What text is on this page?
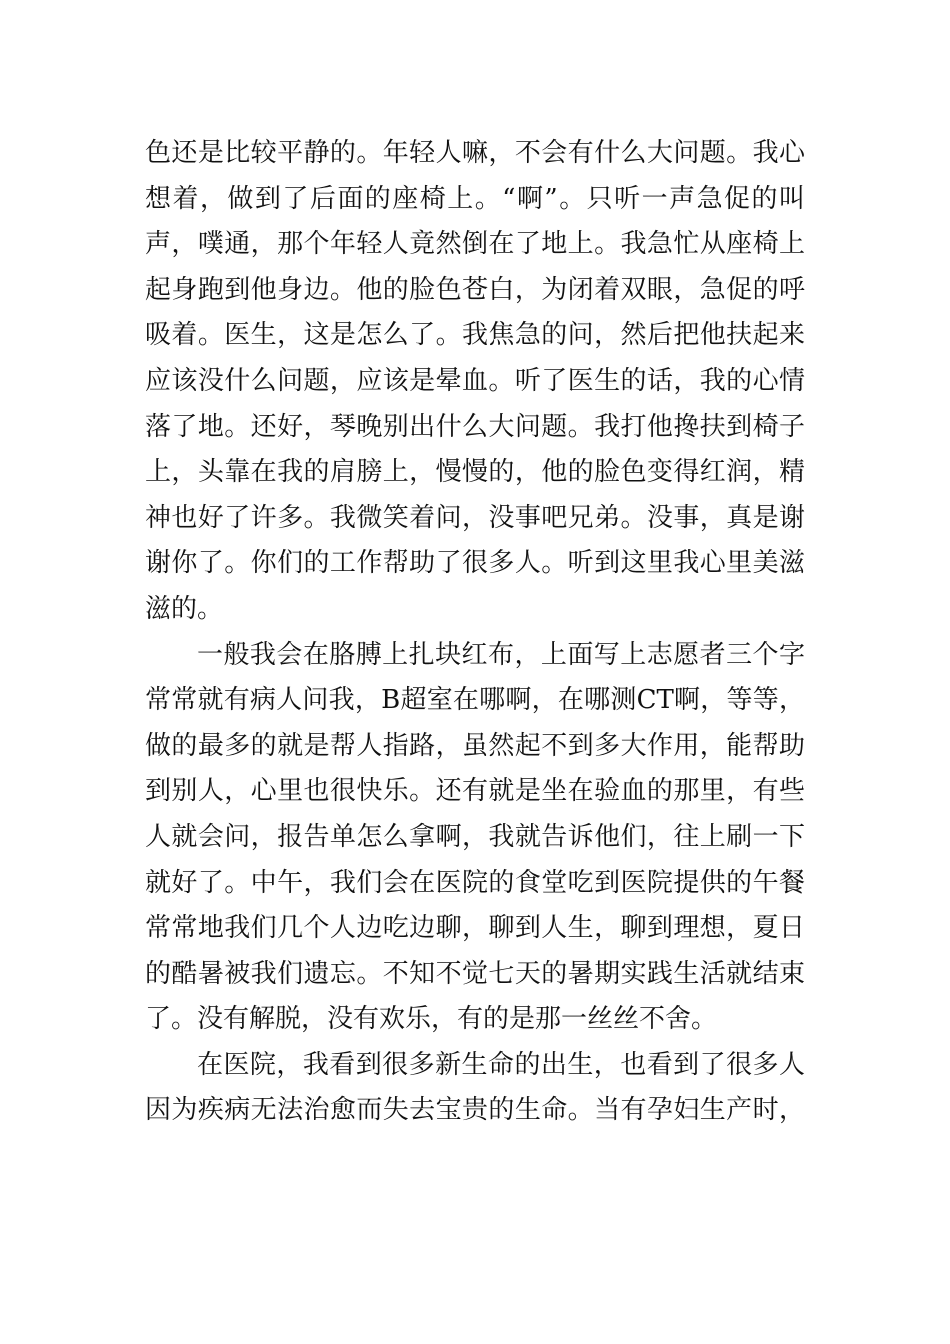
色还是比较平静的。年轻人嘛，不会有什么大问题。我心
想着，做到了后面的座椅上。“啊”。只听一声急促的叫
声，噗通，那个年轻人竟然倒在了地上。我急忙从座椅上
起身跑到他身边。他的脸色苍白，为闭着双眼，急促的呼
吸着。医生，这是怎么了。我焦急的问，然后把他扶起来
应该没什么问题，应该是晕血。听了医生的话，我的心情
落了地。还好，琴晚别出什么大问题。我打他搀扶到椅子
上，头靠在我的肩膀上，慢慢的，他的脸色变得红润，精
神也好了许多。我微笑着问，没事吧兄弟。没事，真是谢
谢你了。你们的工作帮助了很多人。听到这里我心里美滋
滋的。
一般我会在胳膊上扎块红布，上面写上志愿者三个字
常常就有病人问我，B超室在哪啊，在哪测CT啊，等等，
做的最多的就是帮人指路，虽然起不到多大作用，能帮助
到别人，心里也很快乐。还有就是坐在验血的那里，有些
人就会问，报告单怎么拿啊，我就告诉他们，往上刷一下
就好了。中午，我们会在医院的食堂吃到医院提供的午餐
常常地我们几个人边吃边聊，聊到人生，聊到理想，夏日
的酷暑被我们遗忘。不知不觉七天的暑期实践生活就结束
了。没有解脱，没有欢乐，有的是那一丝丝不舍。
在医院，我看到很多新生命的出生，也看到了很多人
因为疾病无法治愈而失去宝贵的生命。当有孕妇生产时，
